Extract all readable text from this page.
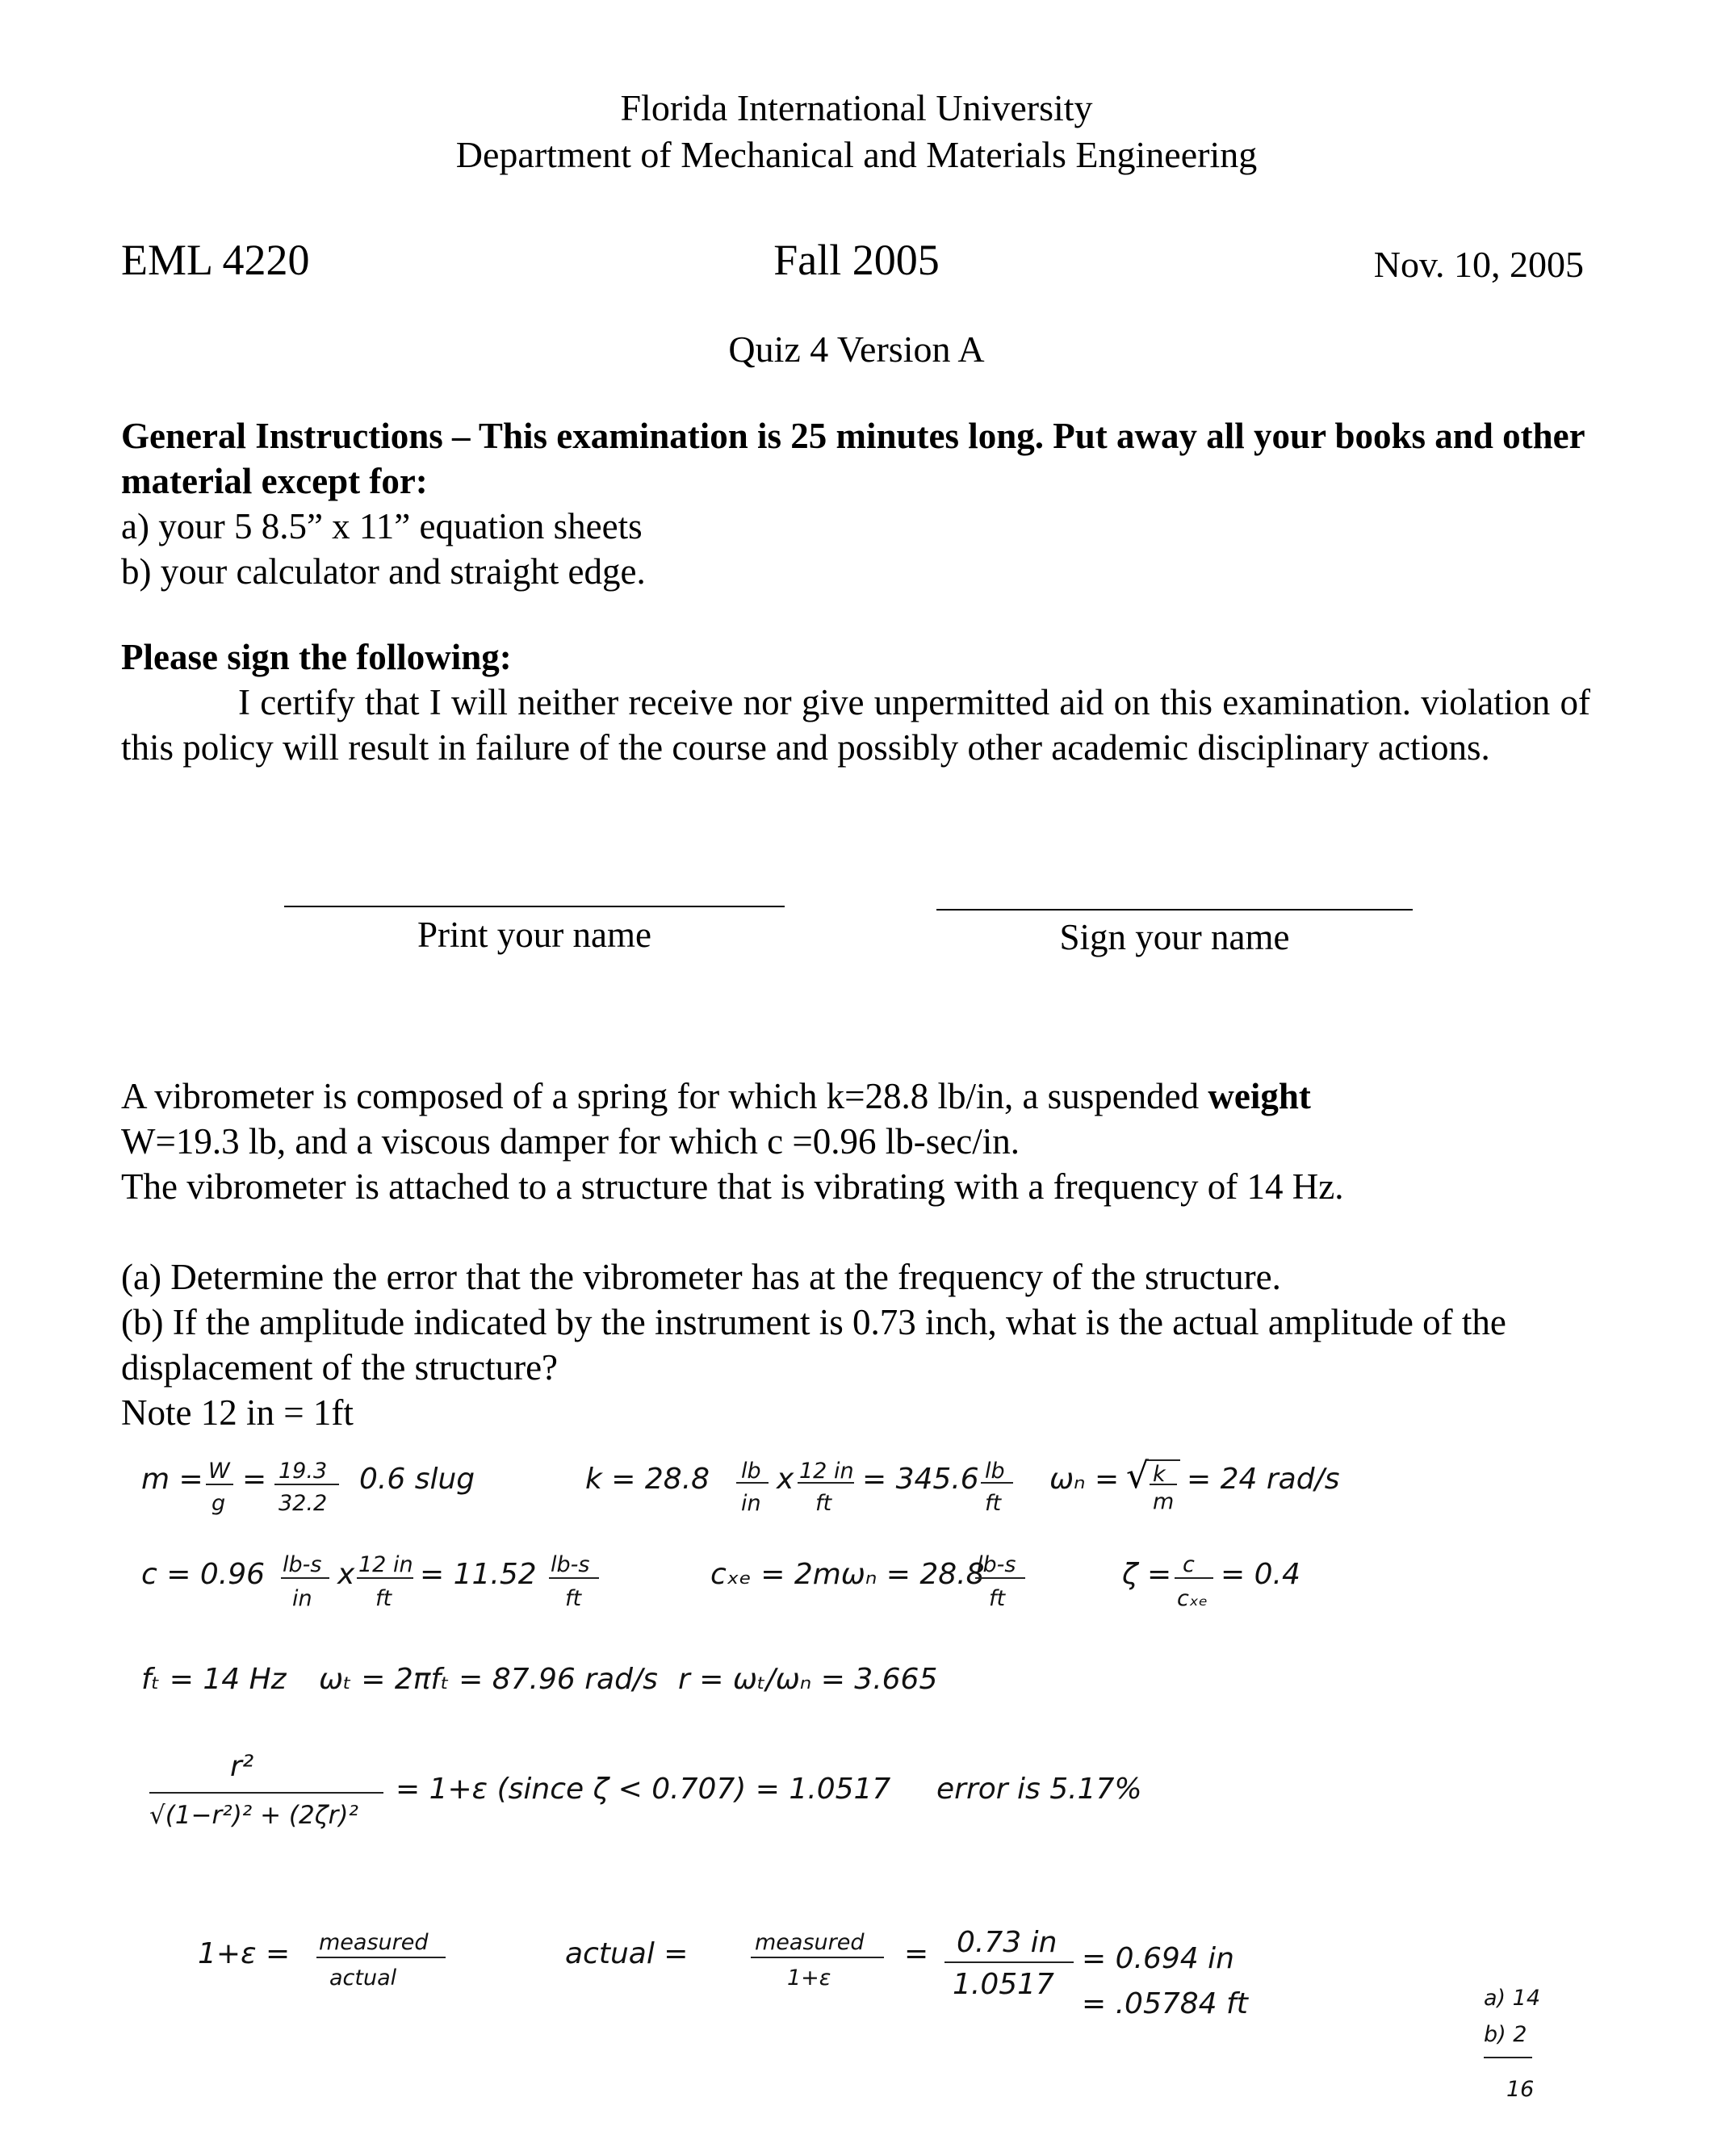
Florida International University
Department of Mechanical and Materials Engineering
EML 4220	Fall 2005	Nov. 10, 2005
Quiz 4 Version A
General Instructions – This examination is 25 minutes long. Put away all your books and other material except for:
a) your 5 8.5” x 11” equation sheets
b) your calculator and straight edge.
Please sign the following:
I certify that I will neither receive nor give unpermitted aid on this examination. violation of this policy will result in failure of the course and possibly other academic disciplinary actions.
Print your name	Sign your name
A vibrometer is composed of a spring for which k=28.8 lb/in, a suspended weight
W=19.3 lb, and a viscous damper for which c =0.96 lb-sec/in.
The vibrometer is attached to a structure that is vibrating with a frequency of 14 Hz.
(a) Determine the error that the vibrometer has at the frequency of the structure.
(b) If the amplitude indicated by the instrument is 0.73 inch, what is the actual amplitude of the displacement of the structure?
Note 12 in = 1ft
m = W
g
= 19.3
32.2
0.6 slug	k = 28.8 lb
in
x 12 in
ft
= 345.6 lb
ft
ωₙ = √ k
m
= 24 rad/s
c = 0.96 lb-s
in
x 12 in
ft
= 11.52 lb-s
ft
cₓₑ = 2mωₙ = 28.8
lb-s
ft
ζ = c
cₓₑ
= 0.4
fₜ = 14 Hz ωₜ = 2πfₜ = 87.96 rad/s r = ωₜ/ωₙ = 3.665
r²
√(1−r²)² + (2ζr)²
= 1+ε (since ζ < 0.707) = 1.0517 error is 5.17%
1+ε = measured
actual
actual =	measured
1+ε
= 0.73 in
1.0517
= 0.694 in
= .05784 ft	a) 14
b) 2
16
